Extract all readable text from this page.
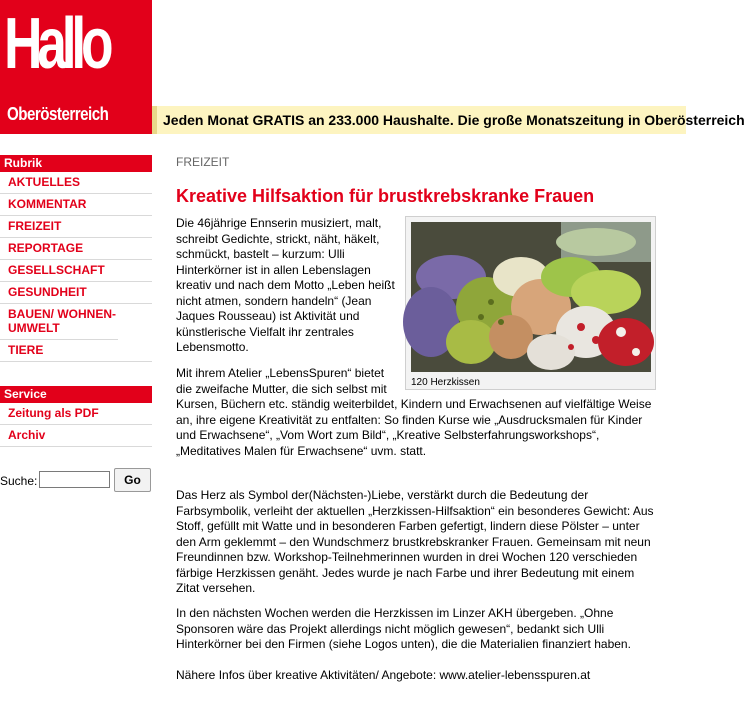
Hallo
Oberösterreich	Jeden Monat GRATIS an 233.000 Haushalte. Die große Monatszeitung in Oberösterreich
Rubrik
AKTUELLES
KOMMENTAR
FREIZEIT
REPORTAGE
GESELLSCHAFT
GESUNDHEIT
BAUEN/ WOHNEN-UMWELT
TIERE
Service
Zeitung als PDF
Archiv
Suche:	Go
FREIZEIT
Kreative Hilfsaktion für brustkrebskranke Frauen
120 Herzkissen

Die 46jährige Ennserin musiziert, malt, schreibt Gedichte, strickt, näht, häkelt, schmückt, bastelt – kurzum: Ulli Hinterkörner ist in allen Lebenslagen kreativ und nach dem Motto „Leben heißt nicht atmen, sondern handeln“ (Jean Jaques Rousseau) ist Aktivität und künstlerische Vielfalt ihr zentrales Lebensmotto.

Mit ihrem Atelier „LebensSpuren“ bietet die zweifache Mutter, die sich selbst mit Kursen, Büchern etc. ständig weiterbildet, Kindern und Erwachsenen auf vielfältige Weise an, ihre eigene Kreativität zu entfalten: So finden Kurse wie „Ausdrucksmalen für Kinder und Erwachsene“, „Vom Wort zum Bild“, „Kreative Selbsterfahrungsworkshops“, „Meditatives Malen für Erwachsene“ uvm. statt.

Das Herz als Symbol der(Nächsten-)Liebe, verstärkt durch die Bedeutung der Farbsymbolik, verleiht der aktuellen „Herzkissen-Hilfsaktion“ ein besonderes Gewicht: Aus Stoff, gefüllt mit Watte und in besonderen Farben gefertigt, lindern diese Pölster – unter den Arm geklemmt – den Wundschmerz brustkrebskranker Frauen. Gemeinsam mit neun Freundinnen bzw. Workshop-Teilnehmerinnen wurden in drei Wochen 120 verschieden färbige Herzkissen genäht. Jedes wurde je nach Farbe und ihrer Bedeutung mit einem Zitat versehen.

In den nächsten Wochen werden die Herzkissen im Linzer AKH übergeben. „Ohne Sponsoren wäre das Projekt allerdings nicht möglich gewesen“, bedankt sich Ulli Hinterkörner bei den Firmen (siehe Logos unten), die die Materialien finanziert haben.

Nähere Infos über kreative Aktivitäten/ Angebote: www.atelier-lebensspuren.at
